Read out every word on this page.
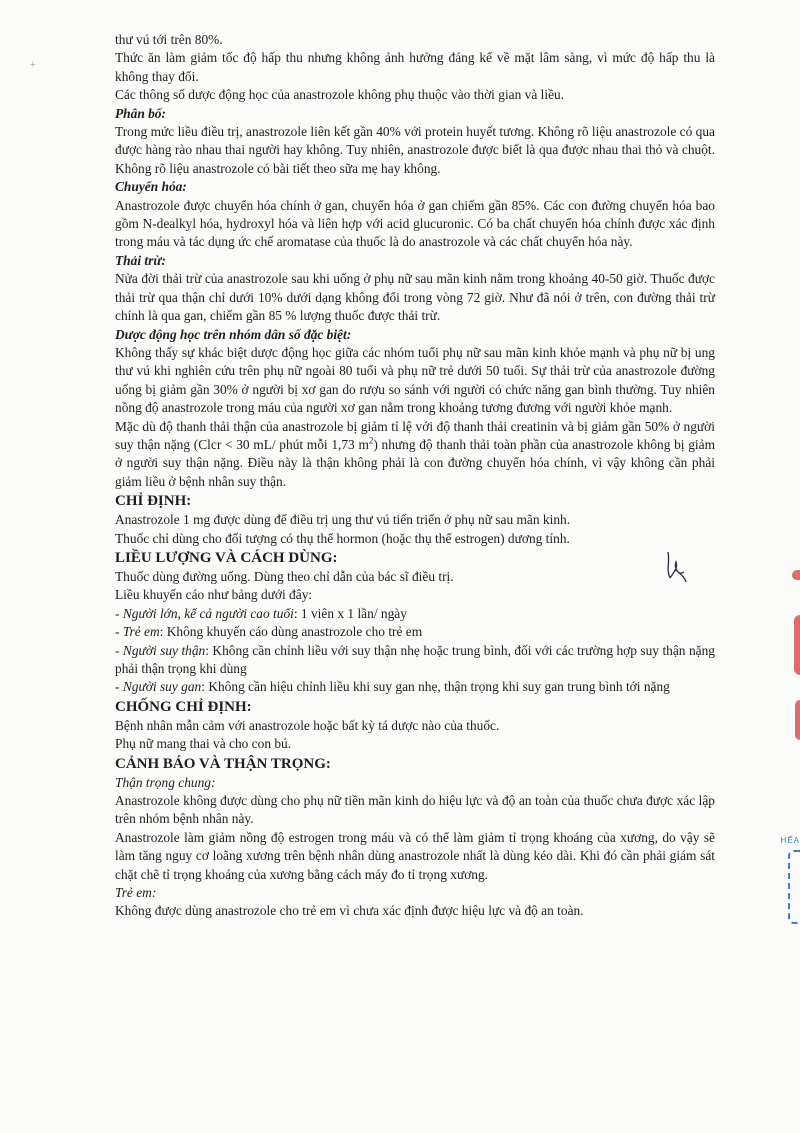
thư vú tới trên 80%.

Thức ăn làm giảm tốc độ hấp thu nhưng không ảnh hưởng đáng kể về mặt lâm sàng, vì mức độ hấp thu là không thay đổi.

Các thông số dược động học của anastrozole không phụ thuộc vào thời gian và liều.

Phân bố:

Trong mức liều điều trị, anastrozole liên kết gần 40% với protein huyết tương. Không rõ liệu anastrozole có qua được hàng rào nhau thai người hay không. Tuy nhiên, anastrozole được biết là qua được nhau thai thỏ và chuột. Không rõ liệu anastrozole có bài tiết theo sữa mẹ hay không.

Chuyển hóa:

Anastrozole được chuyển hóa chính ở gan, chuyển hóa ở gan chiếm gần 85%. Các con đường chuyển hóa bao gồm N-dealkyl hóa, hydroxyl hóa và liên hợp với acid glucuronic. Có ba chất chuyển hóa chính được xác định trong máu và tác dụng ức chế aromatase của thuốc là do anastrozole và các chất chuyển hóa này.

Thải trừ:

Nửa đời thải trừ của anastrozole sau khi uống ở phụ nữ sau mãn kinh nằm trong khoảng 40-50 giờ. Thuốc được thải trừ qua thận chỉ dưới 10% dưới dạng không đổi trong vòng 72 giờ. Như đã nói ở trên, con đường thải trừ chính là qua gan, chiếm gần 85 % lượng thuốc được thải trừ.

Dược động học trên nhóm dân số đặc biệt:

Không thấy sự khác biệt dược động học giữa các nhóm tuổi phụ nữ sau mãn kinh khỏe mạnh và phụ nữ bị ung thư vú khi nghiên cứu trên phụ nữ ngoài 80 tuổi và phụ nữ trẻ dưới 50 tuổi. Sự thải trừ của anastrozole đường uống bị giảm gần 30% ở người bị xơ gan do rượu so sánh với người có chức năng gan bình thường. Tuy nhiên nồng độ anastrozole trong máu của người xơ gan nằm trong khoảng tương đương với người khỏe mạnh.

Mặc dù độ thanh thải thận của anastrozole bị giảm tỉ lệ với độ thanh thải creatinin và bị giảm gần 50% ở người suy thận nặng (Clcr < 30 mL/ phút mỗi 1,73 $m^2$) nhưng độ thanh thải toàn phần của anastrozole không bị giảm ở người suy thận nặng. Điều này là thận không phải là con đường chuyển hóa chính, vì vậy không cần phải giảm liều ở bệnh nhân suy thận.

CHỈ ĐỊNH:

Anastrozole 1 mg được dùng để điều trị ung thư vú tiến triển ở phụ nữ sau mãn kinh.

Thuốc chỉ dùng cho đối tượng có thụ thể hormon (hoặc thụ thể estrogen) dương tính.

LIỀU LƯỢNG VÀ CÁCH DÙNG:

Thuốc dùng đường uống. Dùng theo chỉ dẫn của bác sĩ điều trị.

Liều khuyến cáo như bảng dưới đây:

- Người lớn, kể cả người cao tuổi: 1 viên x 1 lần/ ngày

- Trẻ em: Không khuyến cáo dùng anastrozole cho trẻ em

- Người suy thận: Không cần chỉnh liều với suy thận nhẹ hoặc trung bình, đối với các trường hợp suy thận nặng phải thận trọng khi dùng

- Người suy gan: Không cần hiệu chỉnh liều khi suy gan nhẹ, thận trọng khi suy gan trung bình tới nặng

CHỐNG CHỈ ĐỊNH:

Bệnh nhân mẫn cảm với anastrozole hoặc bất kỳ tá dược nào của thuốc.

Phụ nữ mang thai và cho con bú.

CẢNH BÁO VÀ THẬN TRỌNG:

Thận trọng chung:

Anastrozole không được dùng cho phụ nữ tiền mãn kinh do hiệu lực và độ an toàn của thuốc chưa được xác lập trên nhóm bệnh nhân này.

Anastrozole làm giảm nồng độ estrogen trong máu và có thể làm giảm tỉ trọng khoáng của xương, do vậy sẽ làm tăng nguy cơ loãng xương trên bệnh nhân dùng anastrozole nhất là dùng kéo dài. Khi đó cần phải giám sát chặt chẽ tỉ trọng khoáng của xương bằng cách máy đo tỉ trọng xương.

Trẻ em:

Không được dùng anastrozole cho trẻ em vì chưa xác định được hiệu lực và độ an toàn.

HẾA
+
